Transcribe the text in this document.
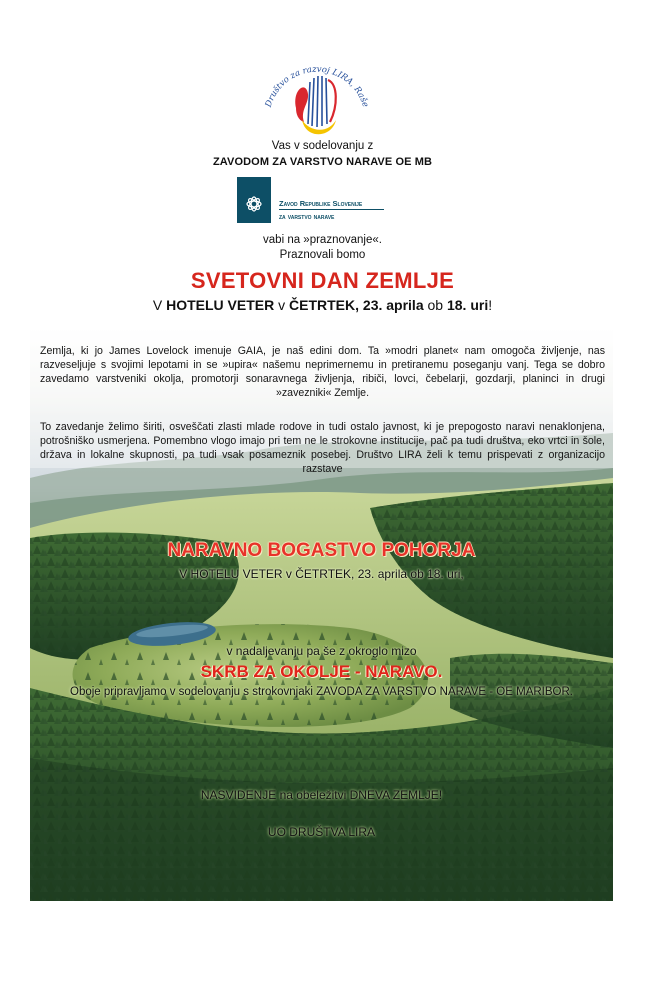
Društvo za razvoj LIRA, Raše
Vas v sodelovanju z
ZAVODOM ZA VARSTVO NARAVE OE MB
Zavod Republike Slovenije
za varstvo narave
vabi na »praznovanje«.
Praznovali bomo
SVETOVNI DAN ZEMLJE
V HOTELU VETER v ČETRTEK, 23. aprila ob 18. uri!
Zemlja, ki jo James Lovelock imenuje GAIA, je naš edini dom. Ta »modri planet« nam omogoča življenje, nas razveseljuje s svojimi lepotami in se »upira« našemu neprimernemu in pretiranemu poseganju vanj. Tega se dobro zavedamo varstveniki okolja, promotorji sonaravnega življenja, ribiči, lovci, čebelarji, gozdarji, planinci in drugi »zavezniki« Zemlje.
To zavedanje želimo širiti, osveščati zlasti mlade rodove in tudi ostalo javnost, ki je prepogosto naravi nenaklonjena, potrošniško usmerjena. Pomembno vlogo imajo pri tem ne le strokovne institucije, pač pa tudi društva, eko vrtci in šole, država in lokalne skupnosti, pa tudi vsak posameznik posebej. Društvo LIRA želi k temu prispevati z organizacijo razstave
NARAVNO BOGASTVO POHORJA
V HOTELU VETER v ČETRTEK, 23. aprila ob 18. uri,
v nadaljevanju pa še z okroglo mizo
SKRB ZA OKOLJE - NARAVO.
Oboje pripravljamo v sodelovanju s strokovnjaki ZAVODA ZA VARSTVO NARAVE - OE MARIBOR.
NASVIDENJE na obeležitvi DNEVA ZEMLJE!
UO DRUŠTVA LIRA
